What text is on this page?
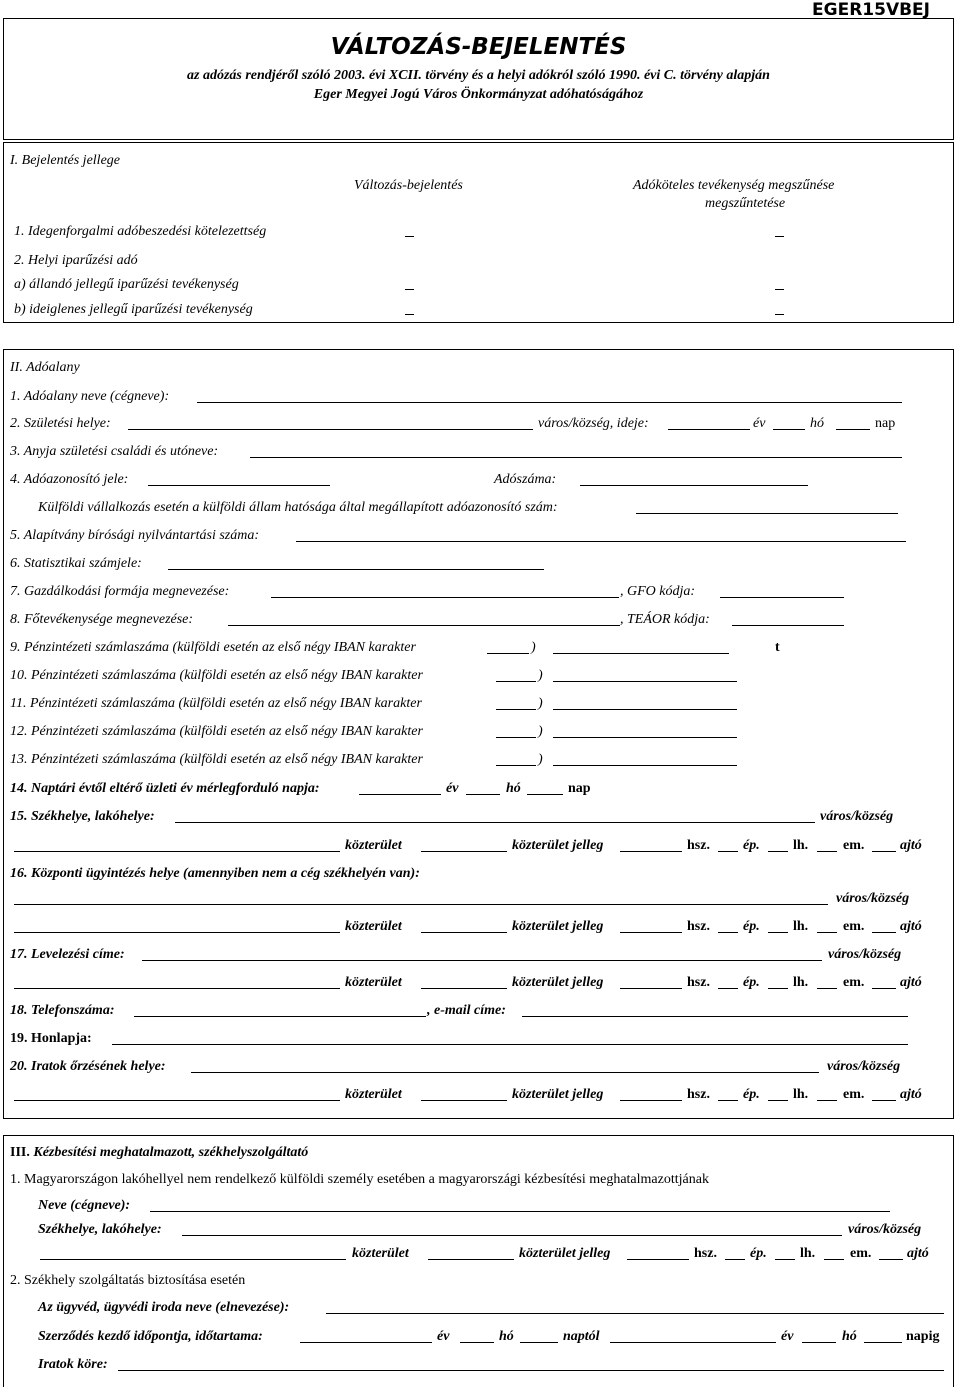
EGER15VBEJ
VÁLTOZÁS-BEJELENTÉS
az adózás rendjéről szóló 2003. évi XCII. törvény és a helyi adókról szóló 1990. évi C. törvény alapján
Eger Megyei Jogú Város Önkormányzat adóhatóságához
I. Bejelentés jellege
Változás-bejelentés	Adóköteles tevékenység megszűnése
megszűntetése
1. Idegenforgalmi adóbeszedési kötelezettség
2. Helyi iparűzési adó
a) állandó jellegű iparűzési tevékenység
b) ideiglenes jellegű iparűzési tevékenység
II. Adóalany
1. Adóalany neve (cégneve):
2. Születési helye:	város/község, ideje:	év	hó	nap
3. Anyja születési családi és utóneve:
4. Adóazonosító jele:	Adószáma:
Külföldi vállalkozás esetén a külföldi állam hatósága által megállapított adóazonosító szám:
5. Alapítvány bírósági nyilvántartási száma:
6. Statisztikai számjele:
7. Gazdálkodási formája megnevezése:	, GFO kódja:
8. Főtevékenysége megnevezése:	, TEÁOR kódja:
9. Pénzintézeti számlaszáma (külföldi esetén az első négy IBAN karakter	)	t
10. Pénzintézeti számlaszáma (külföldi esetén az első négy IBAN karakter	)
11. Pénzintézeti számlaszáma (külföldi esetén az első négy IBAN karakter	)
12. Pénzintézeti számlaszáma (külföldi esetén az első négy IBAN karakter	)
13. Pénzintézeti számlaszáma (külföldi esetén az első négy IBAN karakter	)
14. Naptári évtől eltérő üzleti év mérlegforduló napja:	év	hó	nap
15. Székhelye, lakóhelye:	város/község
közterület	közterület jelleg	hsz. ép. lh. em.	ajtó
16. Központi ügyintézés helye (amennyiben nem a cég székhelyén van):
város/község
közterület	közterület jelleg	hsz. ép. lh. em.	ajtó
17. Levelezési címe:	város/község
közterület	közterület jelleg	hsz. ép. lh. em.	ajtó
18. Telefonszáma:	, e-mail címe:
19. Honlapja:
20. Iratok őrzésének helye:	város/község
közterület	közterület jelleg	hsz. ép. lh. em.	ajtó
III. Kézbesítési meghatalmazott, székhelyszolgáltató
1. Magyarországon lakóhellyel nem rendelkező külföldi személy esetében a magyarországi kézbesítési meghatalmazottjának
Neve (cégneve):
Székhelye, lakóhelye:	város/község
közterület	közterület jelleg	hsz. ép. lh. em.	ajtó
2. Székhely szolgáltatás biztosítása esetén
Az ügyvéd, ügyvédi iroda neve (elnevezése):
Szerződés kezdő időpontja, időtartama:	év	hó	naptól	év	hó	napig
Iratok köre:
